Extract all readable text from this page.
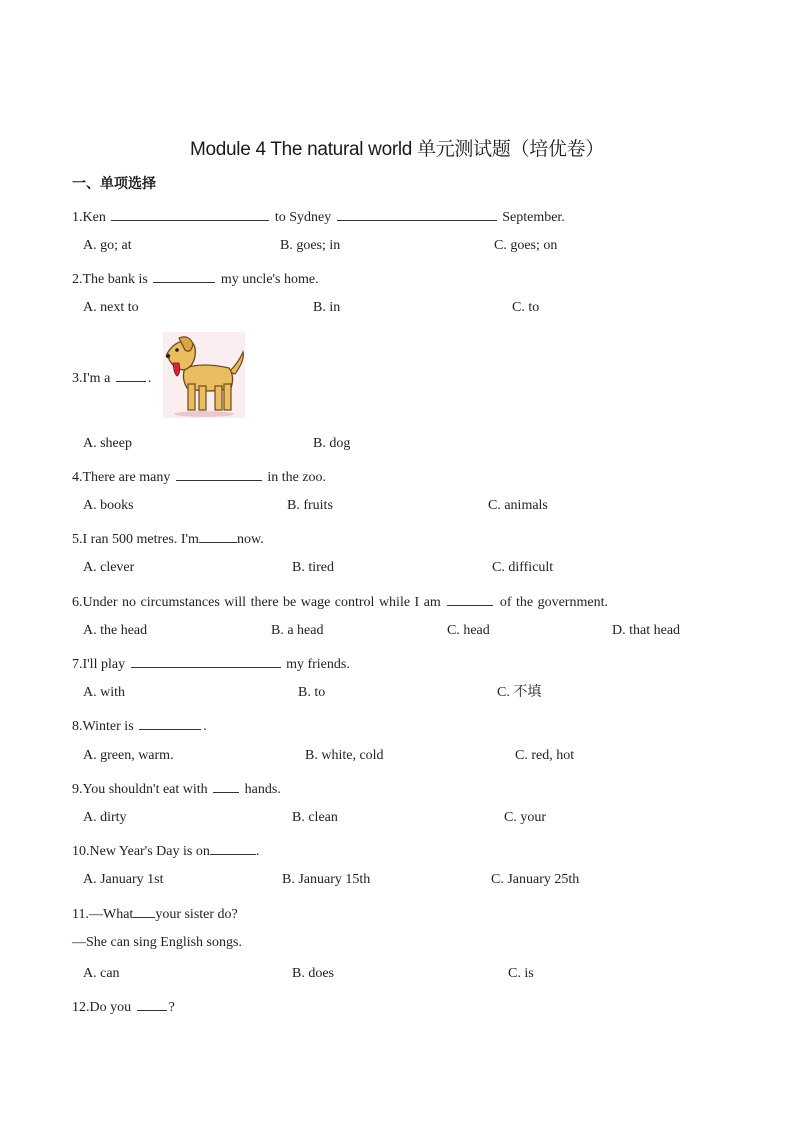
Module 4 The natural world 单元测试题（培优卷）
一、单项选择
1.Ken	to Sydney	September.
A. go; at	B. goes; in	C. goes; on
2.The bank is	my uncle's home.
A. next to	B. in	C. to
3.I'm a	.
A. sheep	B. dog
4.There are many	in the zoo.
A. books	B. fruits	C. animals
5.I ran 500 metres. I'm	now.
A. clever	B. tired	C. difficult
6.Under no circumstances will there be wage control while I am	of the government.
A. the head	B. a head	C. head	D. that head
7.I'll play	my friends.
A. with	B. to	C. 不填
8.Winter is	.
A. green, warm.	B. white, cold	C. red, hot
9.You shouldn't eat with	hands.
A. dirty	B. clean	C. your
10.New Year's Day is on	.
A. January 1st	B. January 15th	C. January 25th
11.—What your sister do?
—She can sing English songs.
A. can	B. does	C. is
12.Do you	?
